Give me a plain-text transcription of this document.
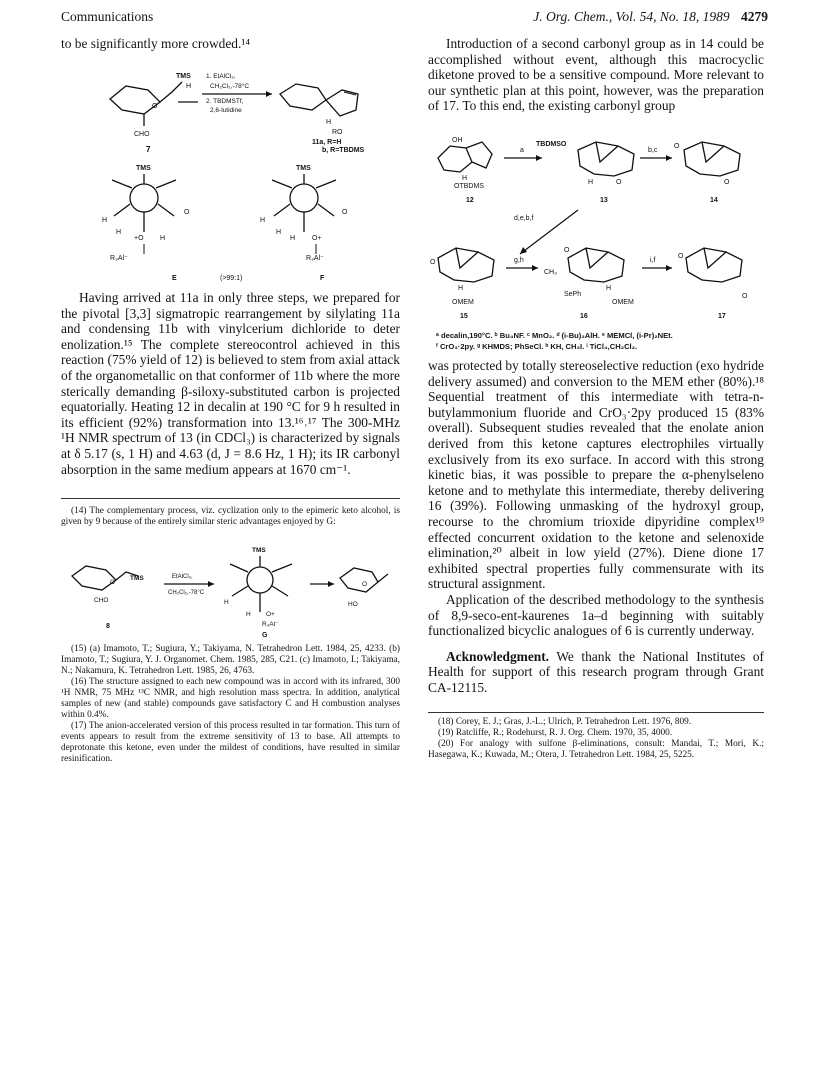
Communications	J. Org. Chem., Vol. 54, No. 18, 1989 4279

to be significantly more crowded.¹⁴

O
TMS
H
CHO
7
1. EtAlCl₂,
CH₂Cl₂,-78°C
2. TBDMSTf,
2,6-lutidine
H
RO
11a, R=H
b, R=TBDMS
TMS
H
H
O
+O H
R₃Al⁻
E	(>99:1)
TMS
H
H
O
H O+
R₃Al⁻
F

Having arrived at 11a in only three steps, we prepared for the pivotal [3,3] sigmatropic rearrangement by silylating 11a and condensing 11b with vinylcerium dichloride to deter enolization.¹⁵ The complete stereocontrol achieved in this reaction (75% yield of 12) is believed to stem from axial attack of the organometallic on that conformer of 11b where the more sterically demanding β-siloxy-substituted carbon is projected equatorially. Heating 12 in decalin at 190 °C for 9 h resulted in its efficient (92%) transformation into 13.¹⁶˒¹⁷ The 300-MHz ¹H NMR spectrum of 13 (in CDCl₃) is characterized by signals at δ 5.17 (s, 1 H) and 4.63 (d, J = 8.6 Hz, 1 H); its IR carbonyl absorption in the same medium appears at 1670 cm⁻¹.

(14) The complementary process, viz. cyclization only to the epimeric keto alcohol, is given by 9 because of the entirely similar steric advantages enjoyed by G:

O
TMS
CHO
8
EtAlCl₂,
CH₂Cl₂,-78°C
TMS
H
H O+
R₃Al⁻
G
O
HO

(15) (a) Imamoto, T.; Sugiura, Y.; Takiyama, N. Tetrahedron Lett. 1984, 25, 4233. (b) Imamoto, T.; Sugiura, Y. J. Organomet. Chem. 1985, 285, C21. (c) Imamoto, I.; Takiyama, N.; Nakamura, K. Tetrahedron Lett. 1985, 26, 4763.

(16) The structure assigned to each new compound was in accord with its infrared, 300 ¹H NMR, 75 MHz ¹³C NMR, and high resolution mass spectra. In addition, analytical samples of new (and stable) compounds gave satisfactory C and H combustion analyses within 0.4%.

(17) The anion-accelerated version of this process resulted in tar formation. This turn of events appears to result from the extreme sensitivity of 13 to base. All attempts to deprotonate this ketone, even under the mildest of conditions, have resulted in similar resinification.

Introduction of a second carbonyl group as in 14 could be accomplished without event, although this macrocyclic diketone proved to be a sensitive compound. More relevant to our synthetic plan at this point, however, was the preparation of 17. To this end, the existing carbonyl group

OH
H
OTBDMS
12
a
TBDMSO
H	O
13
b,c
O
O
14
d,e,b,f
O
H
OMEM
15
g,h
CH₃
O
H
SePh
OMEM
16
i,f
O
O
17
ᵃ decalin,190°C. ᵇ Bu₄NF. ᶜ MnO₂. ᵈ (i-Bu)₂AlH. ᵉ MEMCl, (i-Pr)₂NEt.
ᶠ CrO₃·2py. ᵍ KHMDS; PhSeCl. ʰ KH, CH₃I. ⁱ TiCl₄,CH₂Cl₂.

was protected by totally stereoselective reduction (exo hydride delivery assumed) and conversion to the MEM ether (80%).¹⁸ Sequential treatment of this intermediate with tetra-n-butylammonium fluoride and CrO₃·2py produced 15 (83% overall). Subsequent studies revealed that the enolate anion derived from this ketone captures electrophiles virtually exclusively from its exo surface. In accord with this strong kinetic bias, it was possible to prepare the α-phenylseleno ketone and to methylate this intermediate, thereby delivering 16 (39%). Following unmasking of the hydroxyl group, recourse to the chromium trioxide dipyridine complex¹⁹ effected concurrent oxidation to the ketone and selenoxide elimination,²⁰ albeit in low yield (27%). Diene dione 17 exhibited spectral properties fully commensurate with its structural assignment.

Application of the described methodology to the synthesis of 8,9-seco-ent-kaurenes 1a–d beginning with suitably functionalized bicyclic analogues of 6 is currently underway.

Acknowledgment. We thank the National Institutes of Health for support of this research program through Grant CA-12115.

(18) Corey, E. J.; Gras, J.-L.; Ulrich, P. Tetrahedron Lett. 1976, 809.

(19) Ratcliffe, R.; Rodehurst, R. J. Org. Chem. 1970, 35, 4000.

(20) For analogy with sulfone β-eliminations, consult: Mandai, T.; Mori, K.; Hasegawa, K.; Kuwada, M.; Otera, J. Tetrahedron Lett. 1984, 25, 5225.
